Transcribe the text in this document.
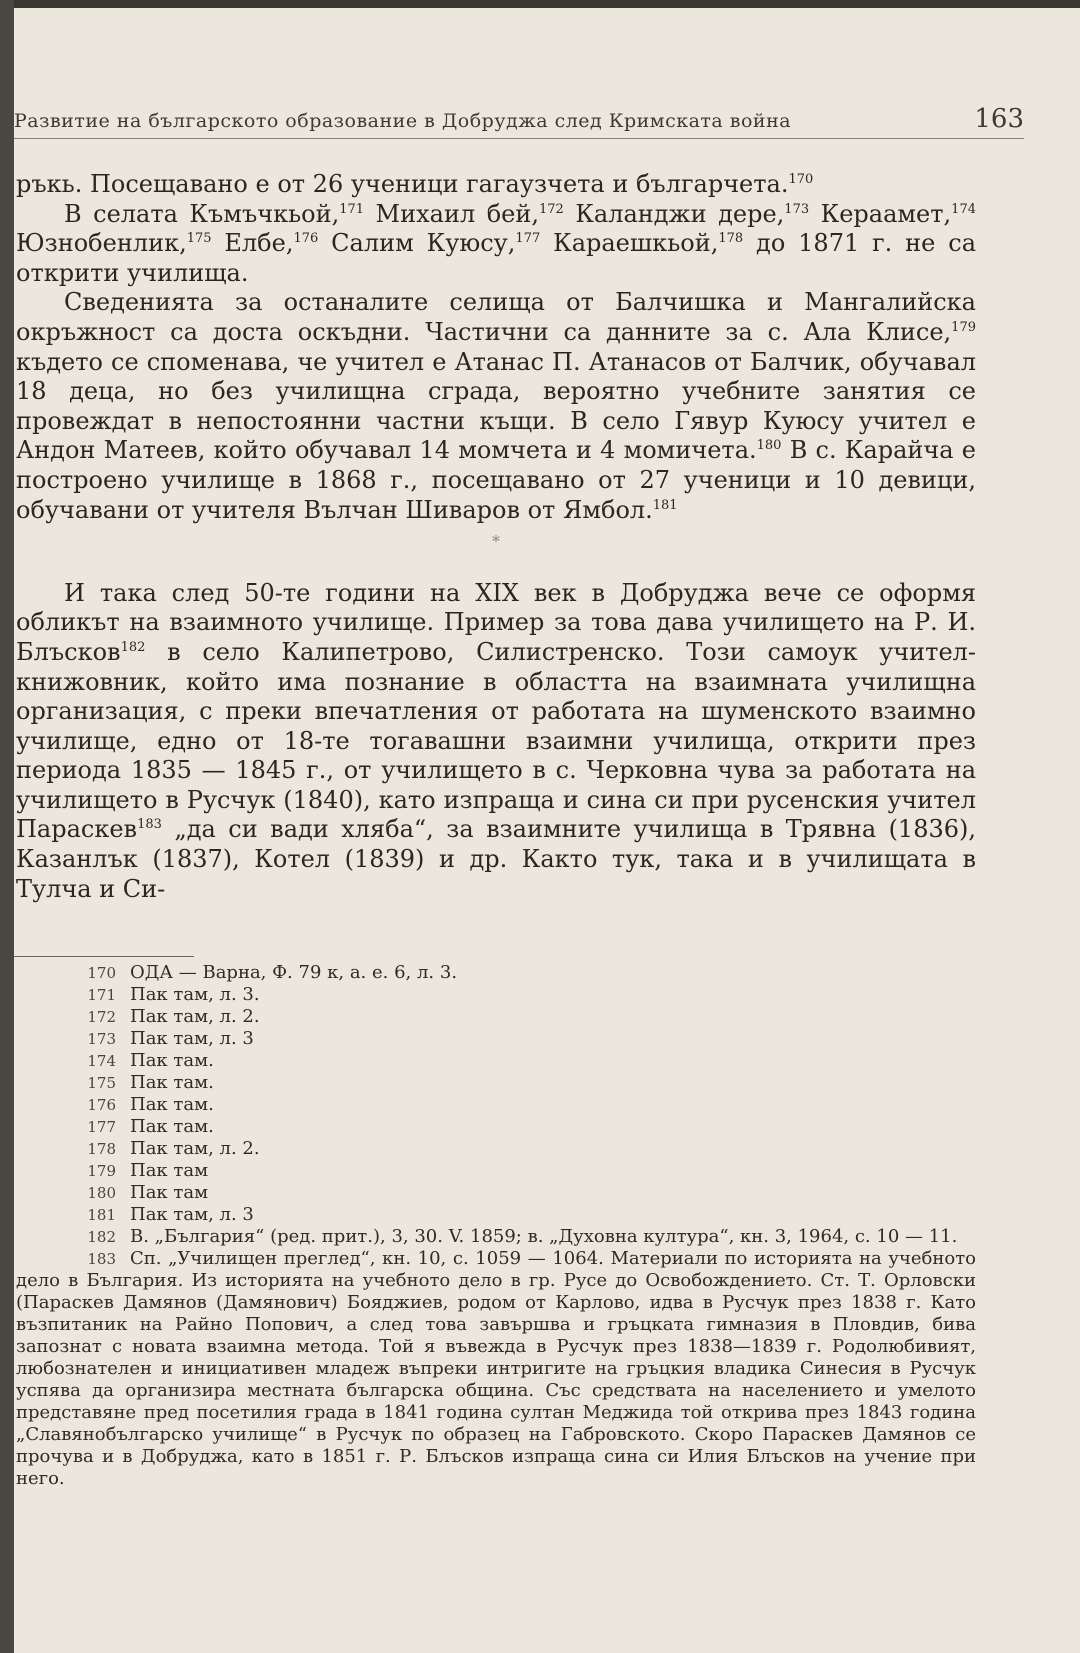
Развитие на българското образование в Добруджа след Кримската война	163

ръкь. Посещавано е от 26 ученици гагаузчета и българчета.$^{170}$

В селата Къмъчкьой,$^{171}$ Михаил бей,$^{172}$ Каланджи дере,$^{173}$ Кераамет,$^{174}$ Юзнобенлик,$^{175}$ Елбе,$^{176}$ Салим Куюсу,$^{177}$ Караешкьой,$^{178}$ до 1871 г. не са открити училища.

Сведенията за останалите селища от Балчишка и Мангалийска окръжност са доста оскъдни. Частични са данните за с. Ала Клисе,$^{179}$ където се споменава, че учител е Атанас П. Атанасов от Балчик, обучавал 18 деца, но без училищна сграда, вероятно учебните занятия се провеждат в непостоянни частни къщи. В село Гявур Куюсу учител е Андон Матеев, който обучавал 14 момчета и 4 момичета.$^{180}$ В с. Карайча е построено училище в 1868 г., посещавано от 27 ученици и 10 девици, обучавани от учителя Вълчан Шиваров от Ямбол.$^{181}$

*

И така след 50-те години на XIX век в Добруджа вече се оформя обликът на взаимното училище. Пример за това дава училището на Р. И. Блъсков$^{182}$ в село Калипетрово, Силистренско. Този самоук учител-книжовник, който има познание в областта на взаимната училищна организация, с преки впечатления от работата на шуменското взаимно училище, едно от 18-те тогавашни взаимни училища, открити през периода 1835 — 1845 г., от училището в с. Черковна чува за работата на училището в Русчук (1840), като изпраща и сина си при русенския учител Параскев$^{183}$ „да си вади хляба“, за взаимните училища в Трявна (1836), Казанлък (1837), Котел (1839) и др. Както тук, така и в училищата в Тулча и Си-

170 ОДА — Варна, Ф. 79 к, а. е. 6, л. 3.
171 Пак там, л. 3.
172 Пак там, л. 2.
173 Пак там, л. 3
174 Пак там.
175 Пак там.
176 Пак там.
177 Пак там.
178 Пак там, л. 2.
179 Пак там
180 Пак там
181 Пак там, л. 3
182 В. „България“ (ред. прит.), 3, 30. V. 1859; в. „Духовна култура“, кн. 3, 1964, с. 10 — 11.
183 Сп. „Училищен преглед“, кн. 10, с. 1059 — 1064. Материали по историята на учебното дело в България. Из историята на учебното дело в гр. Русе до Освобождението. Ст. Т. Орловски (Параскев Дамянов (Дамянович) Бояджиев, родом от Карлово, идва в Русчук през 1838 г. Като възпитаник на Райно Попович, а след това завършва и гръцката гимназия в Пловдив, бива запознат с новата взаимна метода. Той я въвежда в Русчук през 1838—1839 г. Родолюбивият, любознателен и инициативен младеж въпреки интригите на гръцкия владика Синесия в Русчук успява да организира местната българска община. Със средствата на населението и умелото представяне пред посетилия града в 1841 година султан Меджида той открива през 1843 година „Славянобългарско училище“ в Русчук по образец на Габровското. Скоро Параскев Дамянов се прочува и в Добруджа, като в 1851 г. Р. Блъсков изпраща сина си Илия Блъсков на учение при него.
